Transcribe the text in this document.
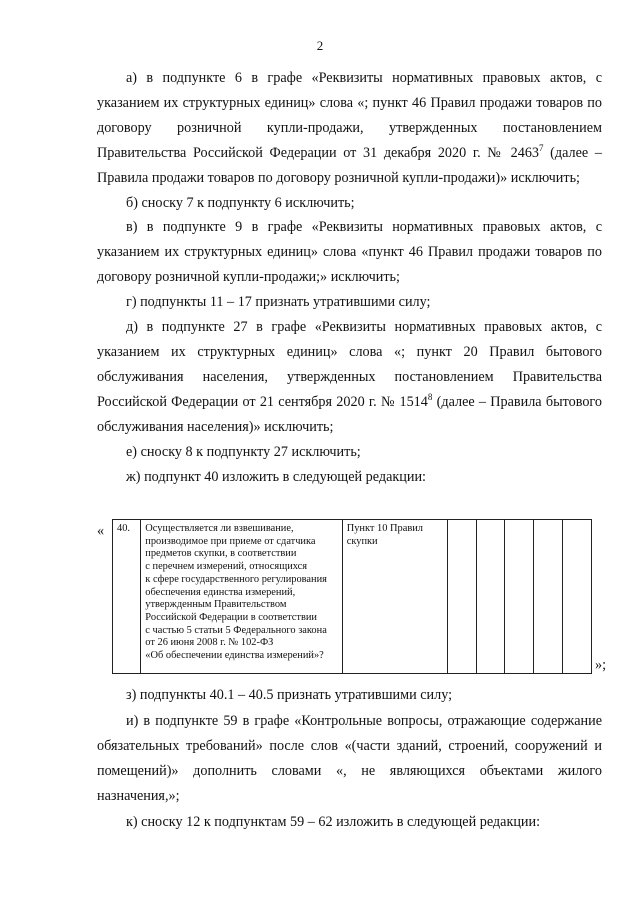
2

а) в подпункте 6 в графе «Реквизиты нормативных правовых актов, с указанием их структурных единиц» слова «; пункт 46 Правил продажи товаров по договору розничной купли-продажи, утвержденных постановлением Правительства Российской Федерации от 31 декабря 2020 г. № 2463$^7$ (далее – Правила продажи товаров по договору розничной купли-продажи)» исключить;

б) сноску 7 к подпункту 6 исключить;

в) в подпункте 9 в графе «Реквизиты нормативных правовых актов, с указанием их структурных единиц» слова «пункт 46 Правил продажи товаров по договору розничной купли-продажи;» исключить;

г) подпункты 11 – 17 признать утратившими силу;

д) в подпункте 27 в графе «Реквизиты нормативных правовых актов, с указанием их структурных единиц» слова «; пункт 20 Правил бытового обслуживания населения, утвержденных постановлением Правительства Российской Федерации от 21 сентября 2020 г. № 1514$^8$ (далее – Правила бытового обслуживания населения)» исключить;

е) сноску 8 к подпункту 27 исключить;

ж) подпункт 40 изложить в следующей редакции:

« 40.	Осуществляется ли взвешивание,
производимое при приеме от сдатчика
предметов скупки, в соответствии
с перечнем измерений, относящихся
к сфере государственного регулирования
обеспечения единства измерений,
утвержденным Правительством
Российской Федерации в соответствии
с частью 5 статьи 5 Федерального закона
от 26 июня 2008 г. № 102-ФЗ
«Об обеспечении единства измерений»?	Пункт 10 Правил
скупки					
»;

з) подпункты 40.1 – 40.5 признать утратившими силу;

и) в подпункте 59 в графе «Контрольные вопросы, отражающие содержание обязательных требований» после слов «(части зданий, строений, сооружений и помещений)» дополнить словами «, не являющихся объектами жилого назначения,»;

к) сноску 12 к подпунктам 59 – 62 изложить в следующей редакции:
